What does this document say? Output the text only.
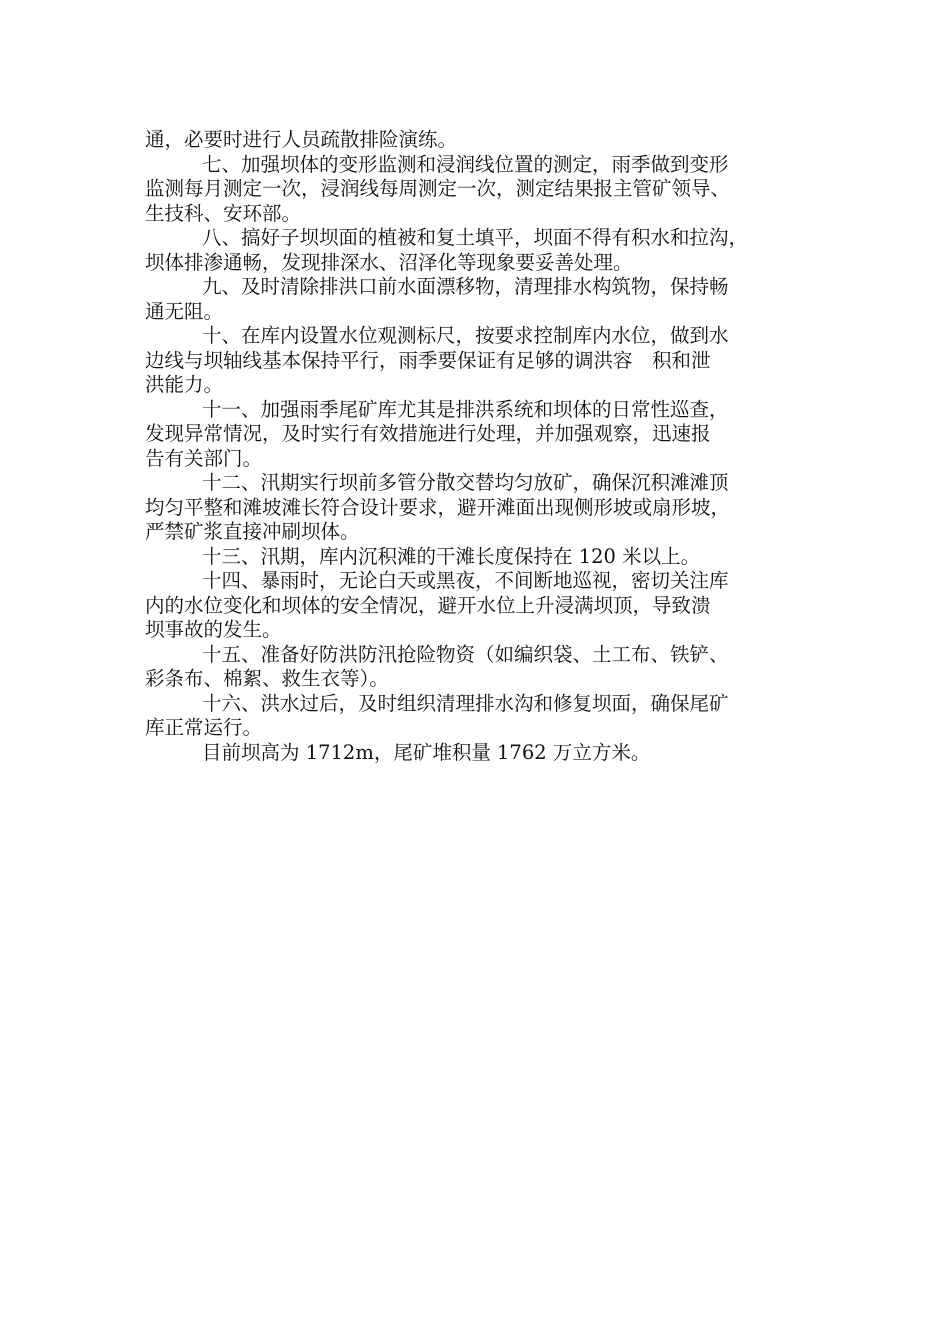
通，必要时进行人员疏散排险演练。
七、加强坝体的变形监测和浸润线位置的测定，雨季做到变形
监测每月测定一次，浸润线每周测定一次，测定结果报主管矿领导、
生技科、安环部。
八、搞好子坝坝面的植被和复土填平，坝面不得有积水和拉沟，
坝体排渗通畅，发现排深水、沼泽化等现象要妥善处理。
九、及时清除排洪口前水面漂移物，清理排水构筑物，保持畅
通无阻。
十、在库内设置水位观测标尺，按要求控制库内水位，做到水
边线与坝轴线基本保持平行，雨季要保证有足够的调洪容　积和泄
洪能力。
十一、加强雨季尾矿库尤其是排洪系统和坝体的日常性巡查，
发现异常情况，及时实行有效措施进行处理，并加强观察，迅速报
告有关部门。
十二、汛期实行坝前多管分散交替均匀放矿，确保沉积滩滩顶
均匀平整和滩坡滩长符合设计要求，避开滩面出现侧形坡或扇形坡，
严禁矿浆直接冲刷坝体。
十三、汛期，库内沉积滩的干滩长度保持在 120 米以上。
十四、暴雨时，无论白天或黑夜，不间断地巡视，密切关注库
内的水位变化和坝体的安全情况，避开水位上升浸满坝顶，导致溃
坝事故的发生。
十五、准备好防洪防汛抢险物资（如编织袋、土工布、铁铲、
彩条布、棉絮、救生衣等）。
十六、洪水过后，及时组织清理排水沟和修复坝面，确保尾矿
库正常运行。
目前坝高为 1712m，尾矿堆积量 1762 万立方米。
